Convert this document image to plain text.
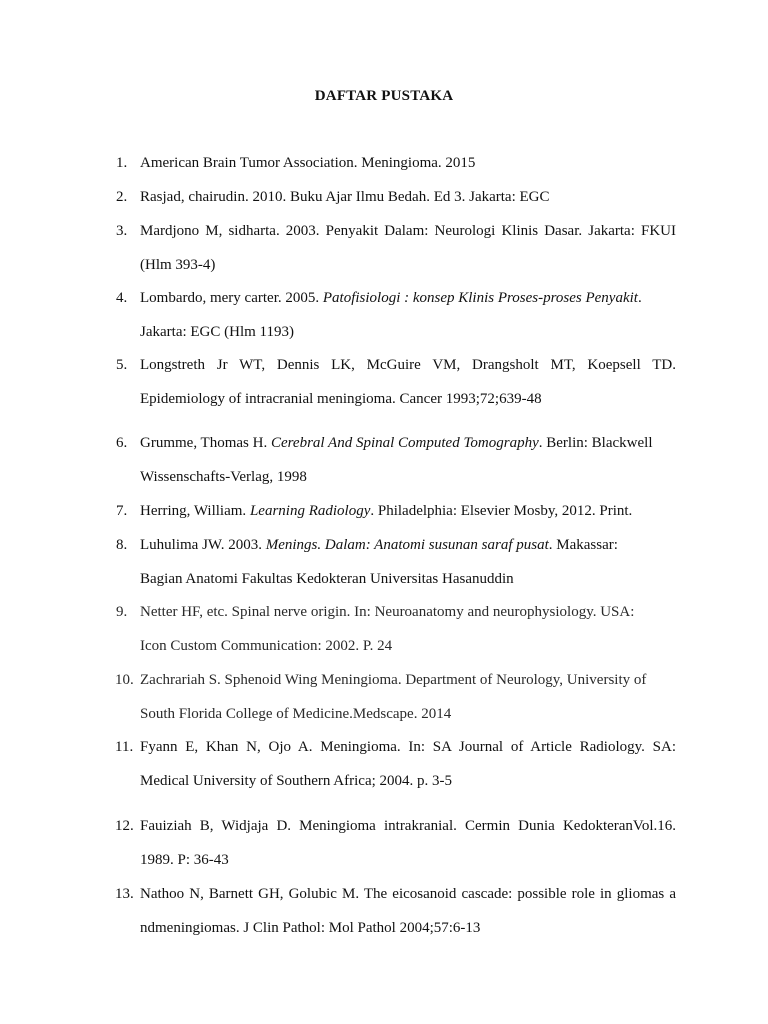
DAFTAR PUSTAKA
1. American Brain Tumor Association. Meningioma. 2015
2. Rasjad, chairudin. 2010. Buku Ajar Ilmu Bedah. Ed 3. Jakarta: EGC
3. Mardjono M, sidharta. 2003. Penyakit Dalam: Neurologi Klinis Dasar. Jakarta: FKUI
(Hlm 393-4)
4. Lombardo, mery carter. 2005. Patofisiologi : konsep Klinis Proses-proses Penyakit.
Jakarta: EGC (Hlm 1193)
5. Longstreth Jr WT, Dennis LK, McGuire VM, Drangsholt MT, Koepsell TD.
Epidemiology of intracranial meningioma. Cancer 1993;72;639-48
6. Grumme, Thomas H. Cerebral And Spinal Computed Tomography. Berlin: Blackwell
Wissenschafts-Verlag, 1998
7. Herring, William. Learning Radiology. Philadelphia: Elsevier Mosby, 2012. Print.
8. Luhulima JW. 2003. Menings. Dalam: Anatomi susunan saraf pusat. Makassar:
Bagian Anatomi Fakultas Kedokteran Universitas Hasanuddin
9. Netter HF, etc. Spinal nerve origin. In: Neuroanatomy and neurophysiology. USA:
Icon Custom Communication: 2002. P. 24
10. Zachrariah S. Sphenoid Wing Meningioma. Department of Neurology, University of
South Florida College of Medicine.Medscape. 2014
11. Fyann E, Khan N, Ojo A. Meningioma. In: SA Journal of Article Radiology. SA:
Medical University of Southern Africa; 2004. p. 3-5
12. Fauiziah B, Widjaja D. Meningioma intrakranial. Cermin Dunia KedokteranVol.16.
1989. P: 36-43
13. Nathoo N, Barnett GH, Golubic M. The eicosanoid cascade: possible role in gliomas a
ndmeningiomas. J Clin Pathol: Mol Pathol 2004;57:6-13
